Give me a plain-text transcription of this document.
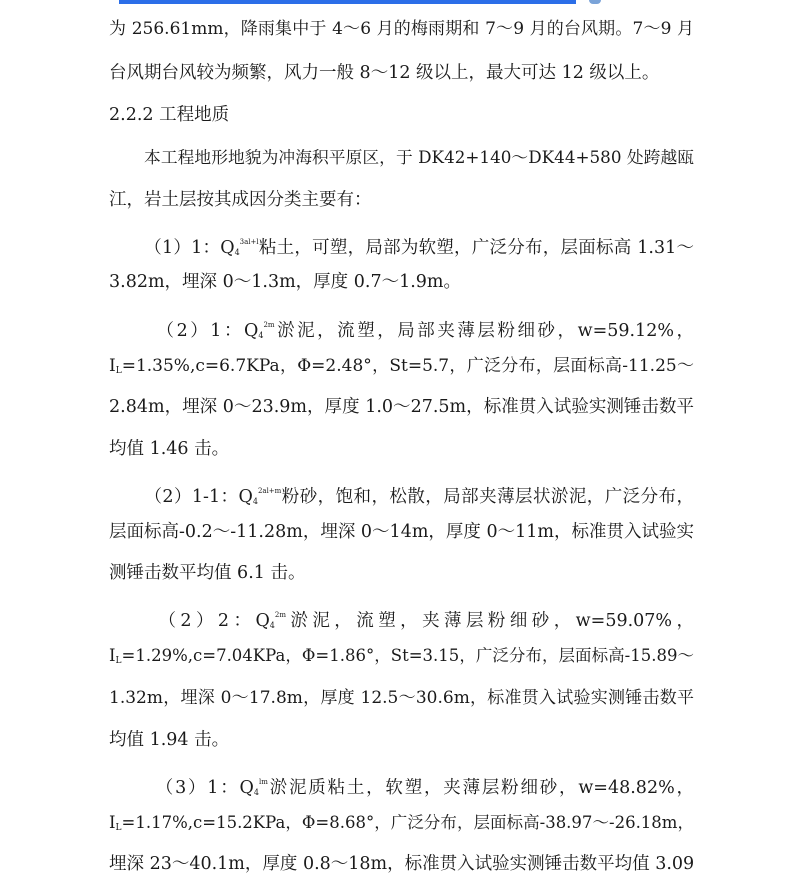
为 256.61mm，降雨集中于 4～6 月的梅雨期和 7～9 月的台风期。7～9 月
台风期台风较为频繁，风力一般 8～12 级以上，最大可达 12 级以上。
2.2.2 工程地质
本工程地形地貌为冲海积平原区，于 DK42+140～DK44+580 处跨越瓯
江，岩土层按其成因分类主要有：
（1）1：$Q_4^{3al+l}$粘土，可塑，局部为软塑，广泛分布，层面标高 1.31～
3.82m，埋深 0～1.3m，厚度 0.7～1.9m。
（2）1：$Q_4^{2m}$淤泥，流塑，局部夹薄层粉细砂，w=59.12%，
IL=1.35%,c=6.7KPa，Φ=2.48°，St=5.7，广泛分布，层面标高-11.25～
2.84m，埋深 0～23.9m，厚度 1.0～27.5m，标准贯入试验实测锤击数平
均值 1.46 击。
（2）1-1：$Q_4^{2al+m}$粉砂，饱和，松散，局部夹薄层状淤泥，广泛分布，
层面标高-0.2～-11.28m，埋深 0～14m，厚度 0～11m，标准贯入试验实
测锤击数平均值 6.1 击。
（2）2：$Q_4^{2m}$淤泥，流塑，夹薄层粉细砂，w=59.07%，
IL=1.29%,c=7.04KPa，Φ=1.86°，St=3.15，广泛分布，层面标高-15.89～
1.32m，埋深 0～17.8m，厚度 12.5～30.6m，标准贯入试验实测锤击数平
均值 1.94 击。
（3）1：$Q_4^{lm}$淤泥质粘土，软塑，夹薄层粉细砂，w=48.82%，
IL=1.17%,c=15.2KPa，Φ=8.68°，广泛分布，层面标高-38.97～-26.18m，
埋深 23～40.1m，厚度 0.8～18m，标准贯入试验实测锤击数平均值 3.09
